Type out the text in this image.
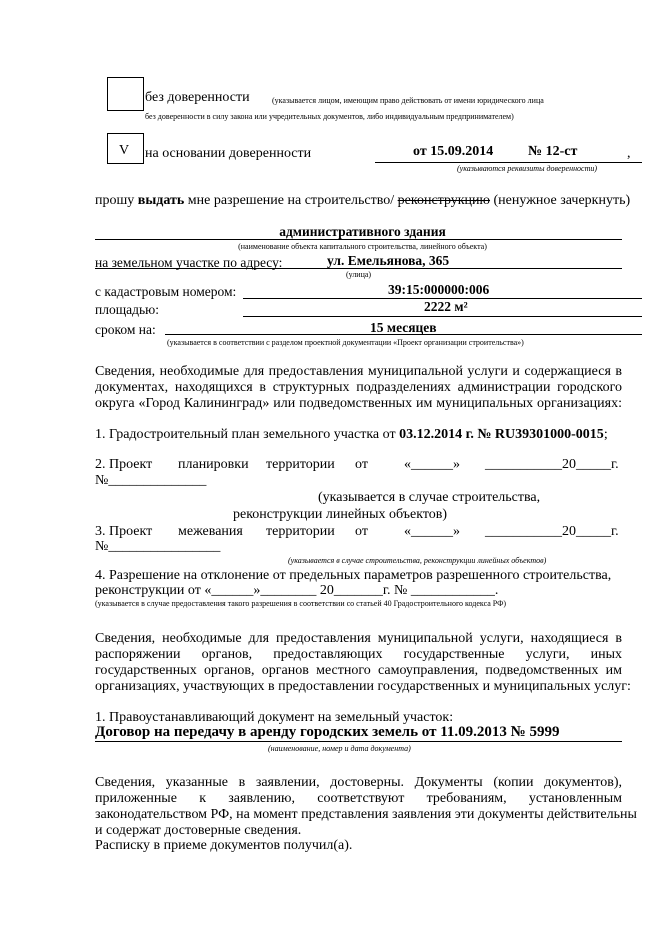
без доверенности	(указывается лицом, имеющим право действовать от имени юридического лица
без доверенности в силу закона или учредительных документов, либо индивидуальным предпринимателем)
V на основании доверенности	от 15.09.2014 № 12-ст	,
(указываются реквизиты доверенности)
прошу выдать мне разрешение на строительство/ реконструкцию (ненужное зачеркнуть)
административного здания
(наименование объекта капитального строительства, линейного объекта)
на земельном участке по адресу:	ул. Емельянова, 365
(улица)
с кадастровым номером:	39:15:000000:006
площадью:	2222 м²
сроком на:	15 месяцев
(указывается в соответствии с разделом проектной документации «Проект организации строительства»)
Сведения, необходимые для предоставления муниципальной услуги и содержащиеся в
документах, находящихся в структурных подразделениях администрации городского
округа «Город Калининград» или подведомственных им муниципальных организациях:
1. Градостроительный план земельного участка от 03.12.2014 г. № RU39301000-0015;
2. Проект планировки территории от	«______» ___________20_____г.
№______________
(указывается в случае строительства,
реконструкции линейных объектов)
3. Проект межевания территории от	«______» ___________20_____г.
№________________
(указывается в случае строительства, реконструкции линейных объектов)
4. Разрешение на отклонение от предельных параметров разрешенного строительства,
реконструкции от «______»________ 20_______г. № ____________.
(указывается в случае предоставления такого разрешения в соответствии со статьей 40 Градостроительного кодекса РФ)
Сведения, необходимые для предоставления муниципальной услуги, находящиеся в
распоряжении органов, предоставляющих государственные услуги, иных
государственных органов, органов местного самоуправления, подведомственных им
организациях, участвующих в предоставлении государственных и муниципальных услуг:
1. Правоустанавливающий документ на земельный участок:
Договор на передачу в аренду городских земель от 11.09.2013 № 5999
(наименование, номер и дата документа)
Сведения, указанные в заявлении, достоверны. Документы (копии документов),
приложенные к заявлению, соответствуют требованиям, установленным
законодательством РФ, на момент представления заявления эти документы действительны
и содержат достоверные сведения.
Расписку в приеме документов получил(а).
